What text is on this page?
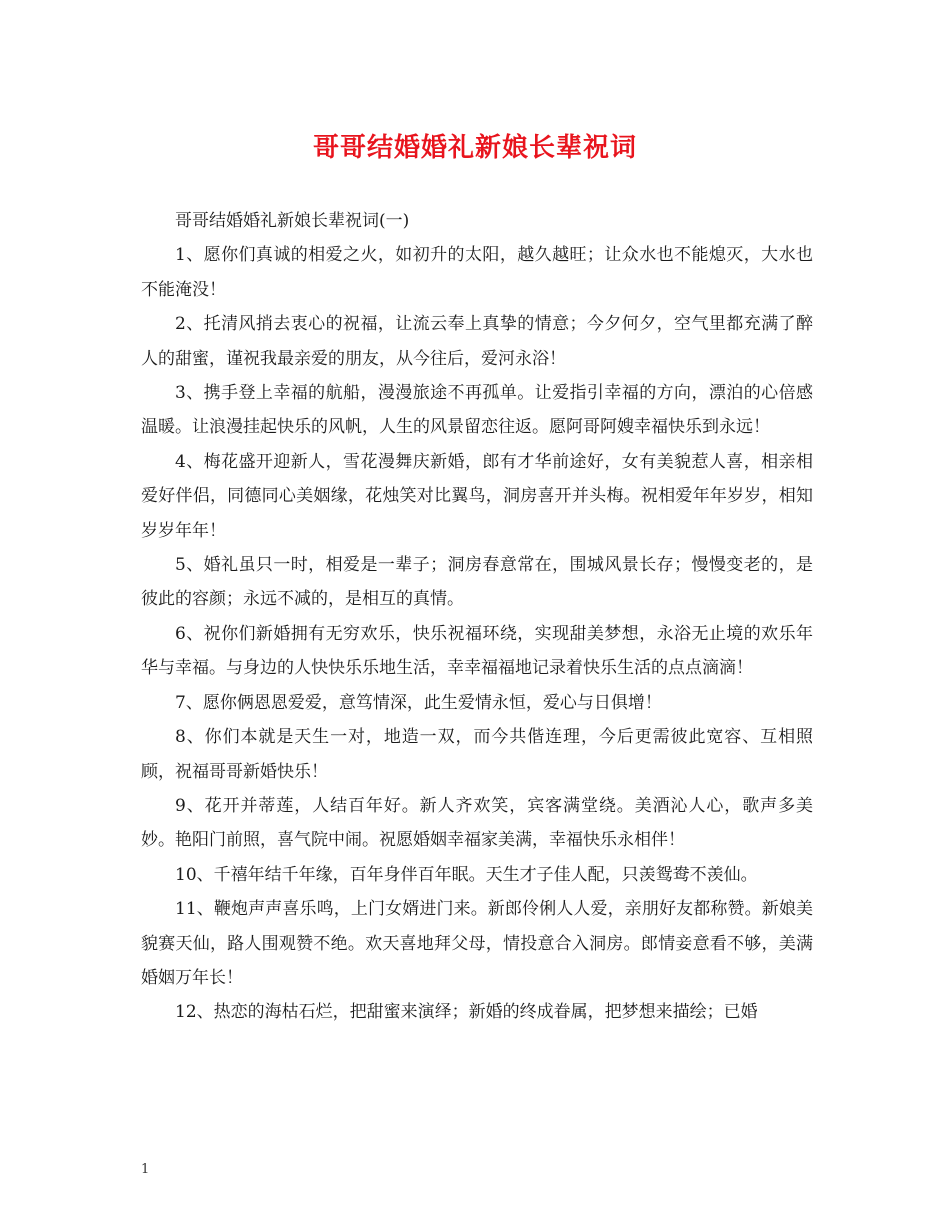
哥哥结婚婚礼新娘长辈祝词

哥哥结婚婚礼新娘长辈祝词(一)

1、愿你们真诚的相爱之火，如初升的太阳，越久越旺；让众水也不能熄灭，大水也不能淹没！

2、托清风捎去衷心的祝福，让流云奉上真挚的情意；今夕何夕，空气里都充满了醉人的甜蜜，谨祝我最亲爱的朋友，从今往后，爱河永浴！

3、携手登上幸福的航船，漫漫旅途不再孤单。让爱指引幸福的方向，漂泊的心倍感温暖。让浪漫挂起快乐的风帆，人生的风景留恋往返。愿阿哥阿嫂幸福快乐到永远！

4、梅花盛开迎新人，雪花漫舞庆新婚，郎有才华前途好，女有美貌惹人喜，相亲相爱好伴侣，同德同心美姻缘，花烛笑对比翼鸟，洞房喜开并头梅。祝相爱年年岁岁，相知岁岁年年！

5、婚礼虽只一时，相爱是一辈子；洞房春意常在，围城风景长存；慢慢变老的，是彼此的容颜；永远不减的，是相互的真情。

6、祝你们新婚拥有无穷欢乐，快乐祝福环绕，实现甜美梦想，永浴无止境的欢乐年华与幸福。与身边的人快快乐乐地生活，幸幸福福地记录着快乐生活的点点滴滴！

7、愿你俩恩恩爱爱，意笃情深，此生爱情永恒，爱心与日俱增！

8、你们本就是天生一对，地造一双，而今共偕连理，今后更需彼此宽容、互相照顾，祝福哥哥新婚快乐！

9、花开并蒂莲，人结百年好。新人齐欢笑，宾客满堂绕。美酒沁人心，歌声多美妙。艳阳门前照，喜气院中闹。祝愿婚姻幸福家美满，幸福快乐永相伴！

10、千禧年结千年缘，百年身伴百年眠。天生才子佳人配，只羡鸳鸯不羡仙。

11、鞭炮声声喜乐鸣，上门女婿进门来。新郎伶俐人人爱，亲朋好友都称赞。新娘美貌赛天仙，路人围观赞不绝。欢天喜地拜父母，情投意合入洞房。郎情妾意看不够，美满婚姻万年长！

12、热恋的海枯石烂，把甜蜜来演绎；新婚的终成眷属，把梦想来描绘；已婚

1
